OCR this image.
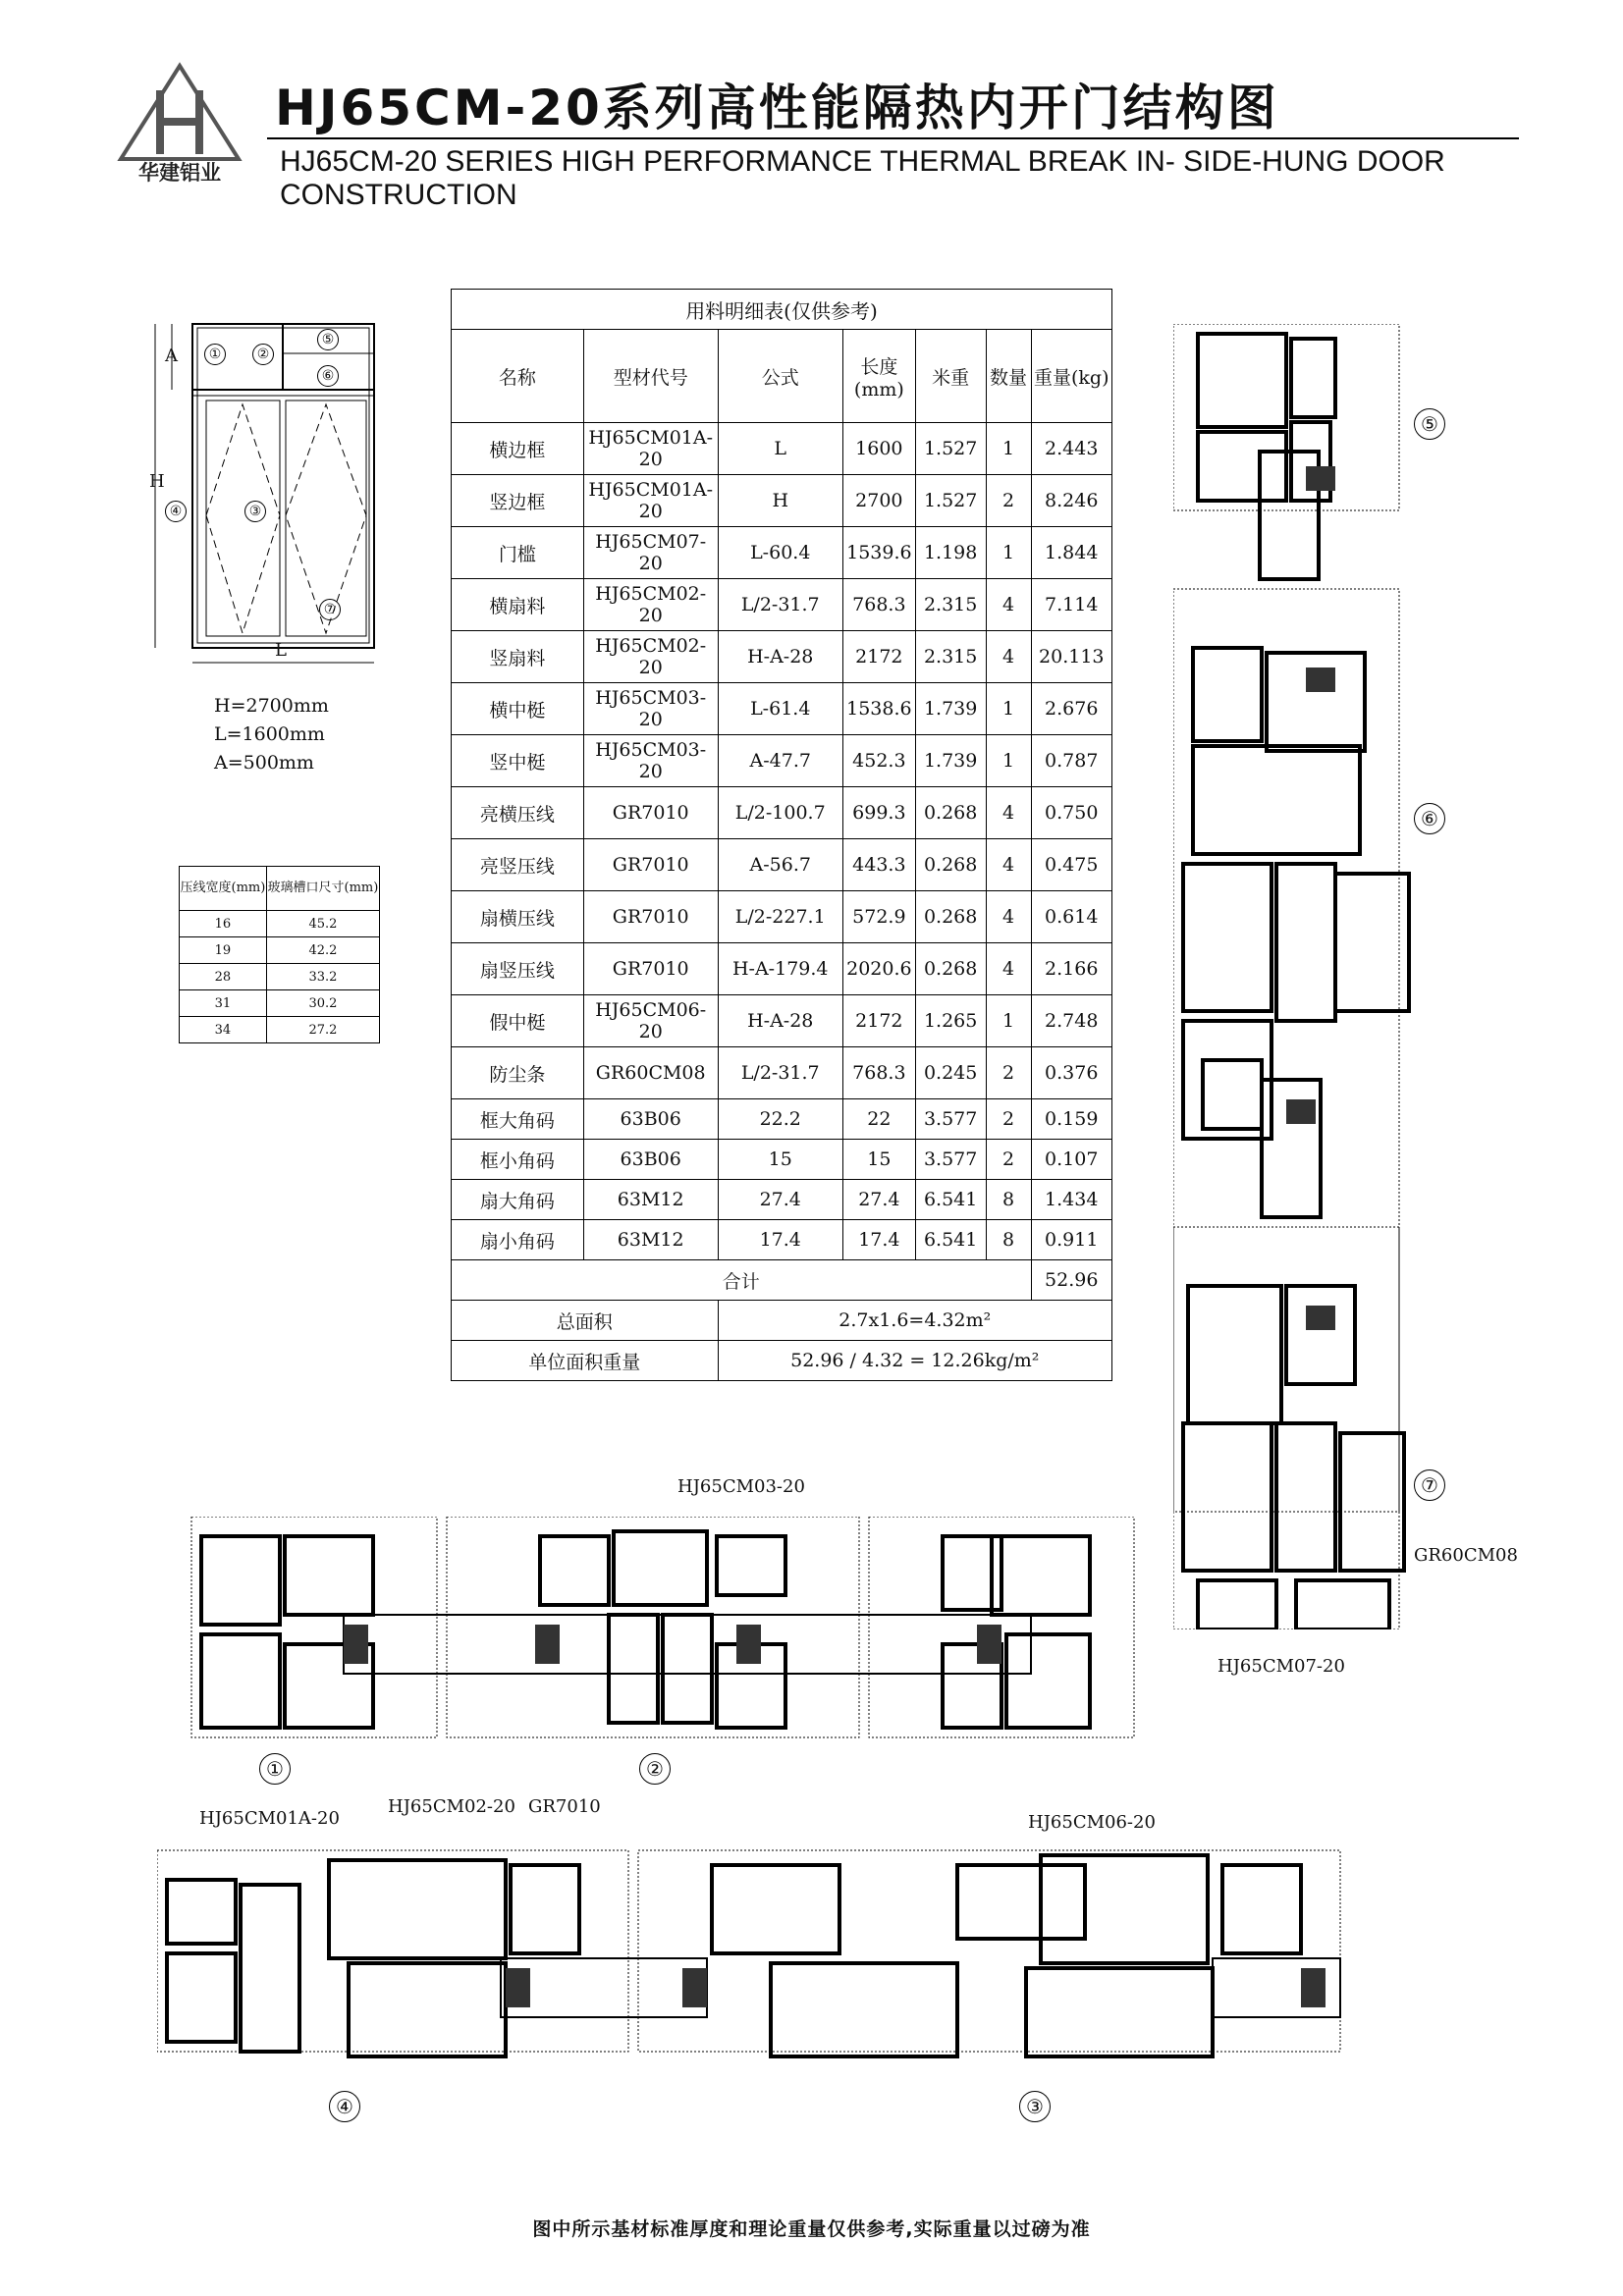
华建铝业
HJ65CM-20系列高性能隔热内开门结构图
HJ65CM-20 SERIES HIGH PERFORMANCE THERMAL BREAK IN- SIDE-HUNG DOOR CONSTRUCTION
A
H
L
①	②
⑤
⑥
④	③
⑦
H=2700mm
L=1600mm
A=500mm
压线宽度(mm)	玻璃槽口尺寸(mm)
16	45.2
19	42.2
28	33.2
31	30.2
34	27.2
用料明细表(仅供参考)						
名称	型材代号	公式	长度(mm)	米重	数量	重量(kg)
横边框	HJ65CM01A-20	L	1600	1.527	1	2.443
竖边框	HJ65CM01A-20	H	2700	1.527	2	8.246
门槛	HJ65CM07-20	L-60.4	1539.6	1.198	1	1.844
横扇料	HJ65CM02-20	L/2-31.7	768.3	2.315	4	7.114
竖扇料	HJ65CM02-20	H-A-28	2172	2.315	4	20.113
横中梃	HJ65CM03-20	L-61.4	1538.6	1.739	1	2.676
竖中梃	HJ65CM03-20	A-47.7	452.3	1.739	1	0.787
亮横压线	GR7010	L/2-100.7	699.3	0.268	4	0.750
亮竖压线	GR7010	A-56.7	443.3	0.268	4	0.475
扇横压线	GR7010	L/2-227.1	572.9	0.268	4	0.614
扇竖压线	GR7010	H-A-179.4	2020.6	0.268	4	2.166
假中梃	HJ65CM06-20	H-A-28	2172	1.265	1	2.748
防尘条	GR60CM08	L/2-31.7	768.3	0.245	2	0.376
框大角码	63B06	22.2	22	3.577	2	0.159
框小角码	63B06	15	15	3.577	2	0.107
扇大角码	63M12	27.4	27.4	6.541	8	1.434
扇小角码	63M12	17.4	17.4	6.541	8	0.911
合计						52.96
总面积		2.7x1.6=4.32m²				
单位面积重量		52.96 / 4.32 = 12.26kg/m²				
⑤
⑥
⑦
GR60CM08
HJ65CM07-20
HJ65CM03-20
①	②
HJ65CM01A-20
HJ65CM02-20 GR7010
HJ65CM06-20
④	③
图中所示基材标准厚度和理论重量仅供参考,实际重量以过磅为准
